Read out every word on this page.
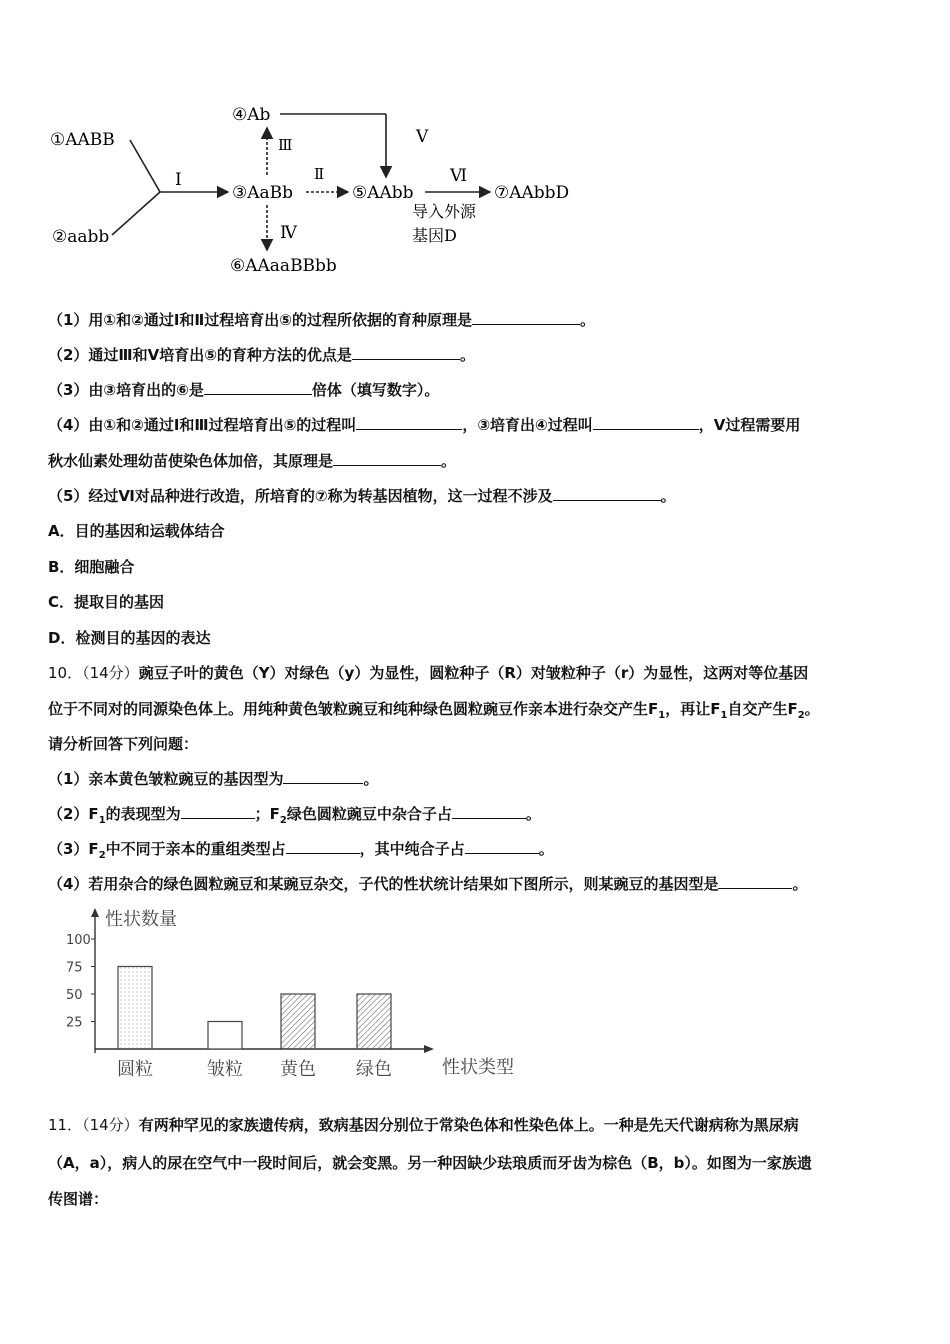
①AABB
②aabb
Ⅰ
③AaBb
④Ab
Ⅲ	Ⅴ
Ⅱ
⑤AAbb
Ⅵ
导入外源
基因D
⑦AAbbD
Ⅳ
⑥AAaaBBbb
（1）用①和②通过Ⅰ和Ⅱ过程培育出⑤的过程所依据的育种原理是	。
（2）通过Ⅲ和Ⅴ培育出⑤的育种方法的优点是	。
（3）由③培育出的⑥是	倍体（填写数字）。
（4）由①和②通过Ⅰ和Ⅲ过程培育出⑤的过程叫	，③培育出④过程叫	，Ⅴ过程需要用
秋水仙素处理幼苗使染色体加倍，其原理是	。
（5）经过Ⅵ对品种进行改造，所培育的⑦称为转基因植物，这一过程不涉及	。
A．目的基因和运载体结合
B．细胞融合
C．提取目的基因
D．检测目的基因的表达
10．（14分）豌豆子叶的黄色（Y）对绿色（y）为显性，圆粒种子（R）对皱粒种子（r）为显性，这两对等位基因
位于不同对的同源染色体上。用纯种黄色皱粒豌豆和纯种绿色圆粒豌豆作亲本进行杂交产生$F_1$，再让$F_1$自交产生$F_2$。
请分析回答下列问题：
（1）亲本黄色皱粒豌豆的基因型为	。
$(2)F_1$的表现型为	；$F_2$绿色圆粒豌豆中杂合子占	。
$(3)F_2$中不同于亲本的重组类型占	，其中纯合子占	。
（4）若用杂合的绿色圆粒豌豆和某豌豆杂交，子代的性状统计结果如下图所示，则某豌豆的基因型是	。
性状数量
性状类型
100
75
50
25
圆粒	皱粒 黄色 绿色
11．（14分）有两种罕见的家族遗传病，致病基因分别位于常染色体和性染色体上。一种是先天代谢病称为黑尿病
（A，a），病人的尿在空气中一段时间后，就会变黑。另一种因缺少珐琅质而牙齿为棕色（B，b）。如图为一家族遗
传图谱：
